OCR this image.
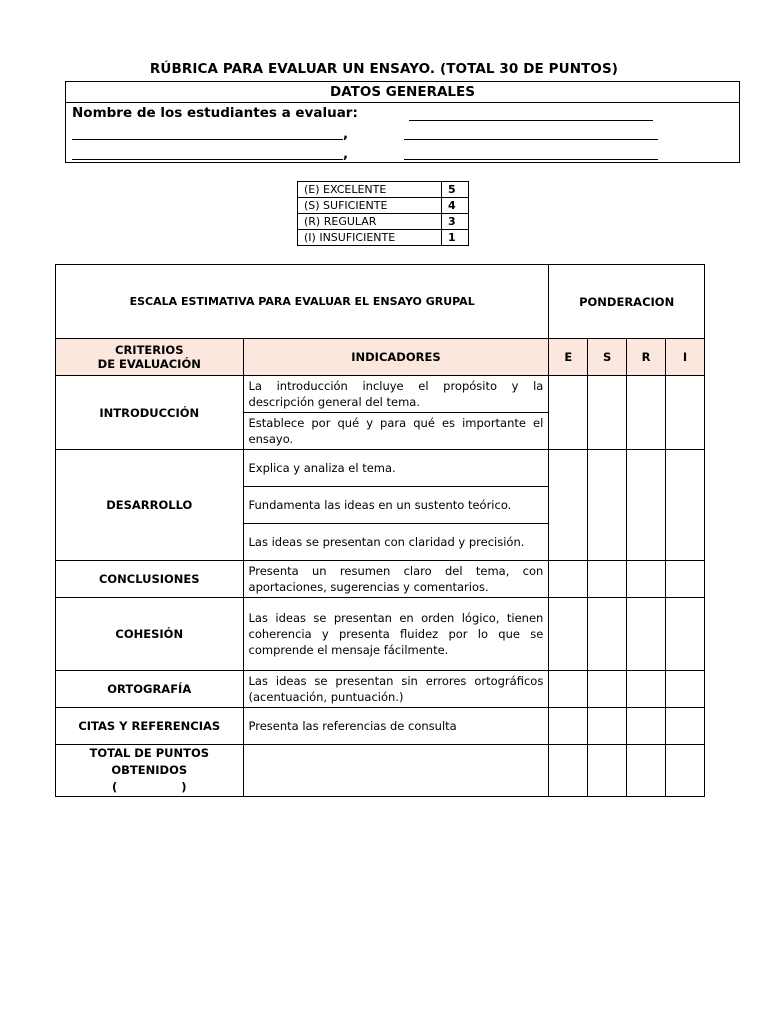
RÚBRICA PARA EVALUAR UN ENSAYO. (TOTAL 30 DE PUNTOS)
DATOS GENERALES
Nombre de los estudiantes a evaluar:
,
,
(E) EXCELENTE	5
(S) SUFICIENTE	4
(R) REGULAR	3
(I) INSUFICIENTE	1
ESCALA ESTIMATIVA PARA EVALUAR EL ENSAYO GRUPAL		PONDERACION			

CRITERIOS
DE EVALUACIÓN	INDICADORES	E	S	R	I
INTRODUCCIÓN	La introducción incluye el propósito y la descripción general del tema.				
	Establece por qué y para qué es importante el ensayo.				
DESARROLLO	Explica y analiza el tema.				
	Fundamenta las ideas en un sustento teórico.				
	Las ideas se presentan con claridad y precisión.				
CONCLUSIONES	Presenta un resumen claro del tema, con aportaciones, sugerencias y comentarios.				
COHESIÓN	Las ideas se presentan en orden lógico, tienen coherencia y presenta fluidez por lo que se comprende el mensaje fácilmente.				
ORTOGRAFÍA	Las ideas se presentan sin errores ortográficos (acentuación, puntuación.)				
CITAS Y REFERENCIAS	Presenta las referencias de consulta				

TOTAL DE PUNTOS
OBTENIDOS
(                )					
